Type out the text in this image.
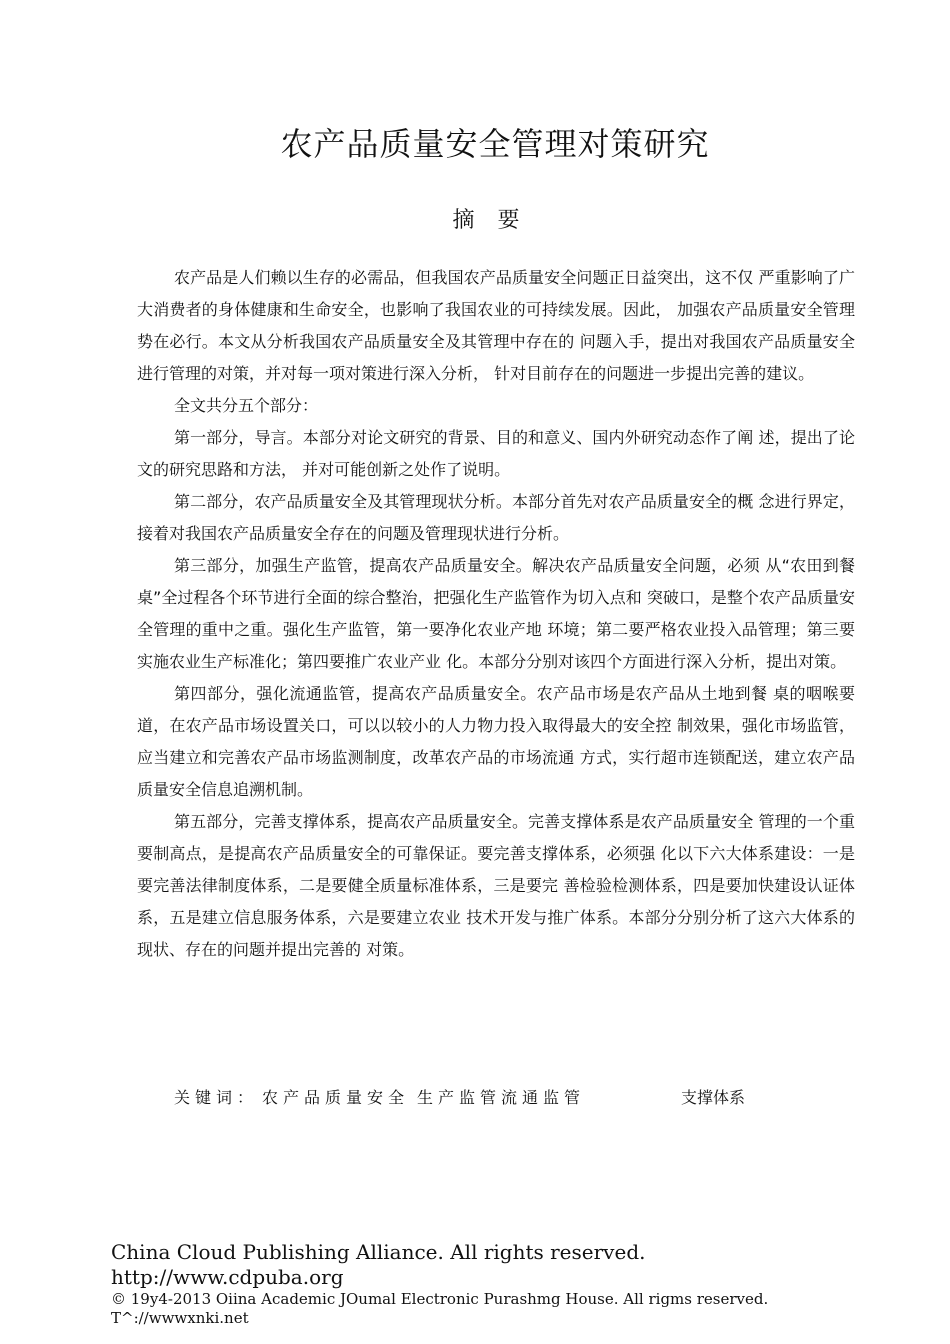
农产品质量安全管理对策研究
摘 要

农产品是人们赖以生存的必需品，但我国农产品质量安全问题正日益突出，这不仅 严重影响了广大消费者的身体健康和生命安全，也影响了我国农业的可持续发展。因此， 加强农产品质量安全管理势在必行。本文从分析我国农产品质量安全及其管理中存在的 问题入手，提出对我国农产品质量安全进行管理的对策，并对每一项对策进行深入分析， 针对目前存在的问题进一步提出完善的建议。

全文共分五个部分：

第一部分，导言。本部分对论文研究的背景、目的和意义、国内外研究动态作了阐 述，提出了论文的研究思路和方法， 并对可能创新之处作了说明。

第二部分，农产品质量安全及其管理现状分析。本部分首先对农产品质量安全的概 念进行界定，接着对我国农产品质量安全存在的问题及管理现状进行分析。

第三部分，加强生产监管，提高农产品质量安全。解决农产品质量安全问题，必须 从“农田到餐桌”全过程各个环节进行全面的综合整治，把强化生产监管作为切入点和 突破口，是整个农产品质量安全管理的重中之重。强化生产监管，第一要净化农业产地 环境；第二要严格农业投入品管理；第三要实施农业生产标准化；第四要推广农业产业 化。本部分分别对该四个方面进行深入分析，提出对策。

第四部分，强化流通监管，提高农产品质量安全。农产品市场是农产品从土地到餐 桌的咽喉要道，在农产品市场设置关口，可以以较小的人力物力投入取得最大的安全控 制效果，强化市场监管，应当建立和完善农产品市场监测制度，改革农产品的市场流通 方式，实行超市连锁配送，建立农产品质量安全信息追溯机制。

第五部分，完善支撑体系，提高农产品质量安全。完善支撑体系是农产品质量安全 管理的一个重要制高点，是提高农产品质量安全的可靠保证。要完善支撑体系，必须强 化以下六大体系建设：一是要完善法律制度体系，二是要健全质量标准体系，三是要完 善检验检测体系，四是要加快建设认证体系，五是建立信息服务体系，六是要建立农业 技术开发与推广体系。本部分分别分析了这六大体系的现状、存在的问题并提出完善的 对策。

关键词： 农产品质量安全 生产监管流通监管	支撑体系
China Cloud Publishing Alliance. All rights reserved.
http://www.cdpuba.org
© 19y4-2013 Oiina Academic JOumal Electronic Purashmg House. All rigms reserved.
T^://wwwxnki.net
